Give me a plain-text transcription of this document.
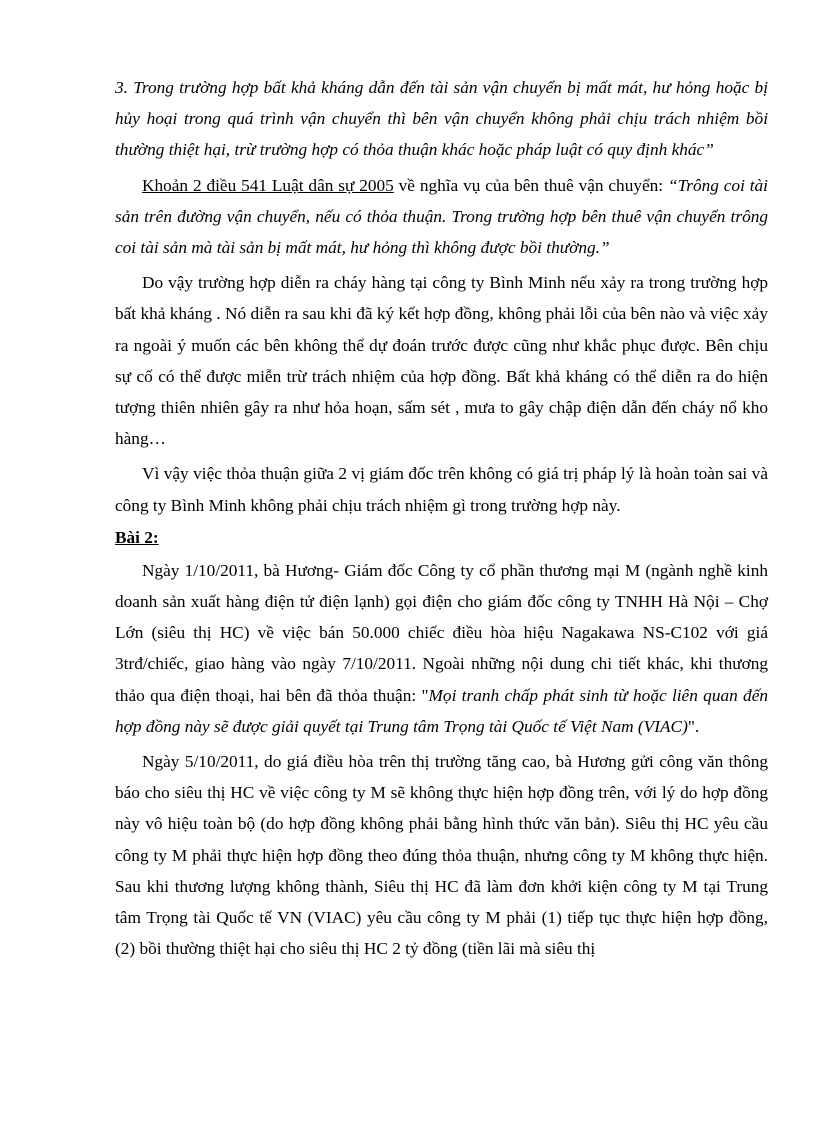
3. Trong trường hợp bất khả kháng dẫn đến tài sản vận chuyển bị mất mát, hư hỏng hoặc bị hủy hoại trong quá trình vận chuyển thì bên vận chuyển không phải chịu trách nhiệm bồi thường thiệt hại, trừ trường hợp có thỏa thuận khác hoặc pháp luật có quy định khác”

Khoản 2 điều 541 Luật dân sự 2005 về nghĩa vụ của bên thuê vận chuyển: “Trông coi tài sản trên đường vận chuyển, nếu có thỏa thuận. Trong trường hợp bên thuê vận chuyển trông coi tài sản mà tài sản bị mất mát, hư hỏng thì không được bồi thường.”

Do vậy trường hợp diễn ra cháy hàng tại công ty Bình Minh nếu xảy ra trong trường hợp bất khả kháng . Nó diễn ra sau khi đã ký kết hợp đồng, không phải lỗi của bên nào và việc xảy ra ngoài ý muốn các bên không thể dự đoán trước được cũng như khắc phục được. Bên chịu sự cố có thể được miễn trừ trách nhiệm của hợp đồng. Bất khả kháng có thể diễn ra do hiện tượng thiên nhiên gây ra như hỏa hoạn, sấm sét , mưa to gây chập điện dẫn đến cháy nổ kho hàng…

Vì vậy việc thỏa thuận giữa 2 vị giám đốc trên không có giá trị pháp lý là hoàn toàn sai và công ty Bình Minh không phải chịu trách nhiệm gì trong trường hợp này.

Bài 2:

Ngày 1/10/2011, bà Hương- Giám đốc Công ty cổ phần thương mại M (ngành nghề kinh doanh sản xuất hàng điện tử điện lạnh) gọi điện cho giám đốc công ty TNHH Hà Nội – Chợ Lớn (siêu thị HC) về việc bán 50.000 chiếc điều hòa hiệu Nagakawa NS-C102 với giá 3trđ/chiếc, giao hàng vào ngày 7/10/2011. Ngoài những nội dung chi tiết khác, khi thương thảo qua điện thoại, hai bên đã thỏa thuận: "Mọi tranh chấp phát sinh từ hoặc liên quan đến hợp đồng này sẽ được giải quyết tại Trung tâm Trọng tài Quốc tế Việt Nam (VIAC)".

Ngày 5/10/2011, do giá điều hòa trên thị trường tăng cao, bà Hương gửi công văn thông báo cho siêu thị HC về việc công ty M sẽ không thực hiện hợp đồng trên, với lý do hợp đồng này vô hiệu toàn bộ (do hợp đồng không phải bằng hình thức văn bản). Siêu thị HC yêu cầu công ty M phải thực hiện hợp đồng theo đúng thỏa thuận, nhưng công ty M không thực hiện. Sau khi thương lượng không thành, Siêu thị HC đã làm đơn khởi kiện công ty M tại Trung tâm Trọng tài Quốc tế VN (VIAC) yêu cầu công ty M phải (1) tiếp tục thực hiện hợp đồng, (2) bồi thường thiệt hại cho siêu thị HC 2 tỷ đồng (tiền lãi mà siêu thị
